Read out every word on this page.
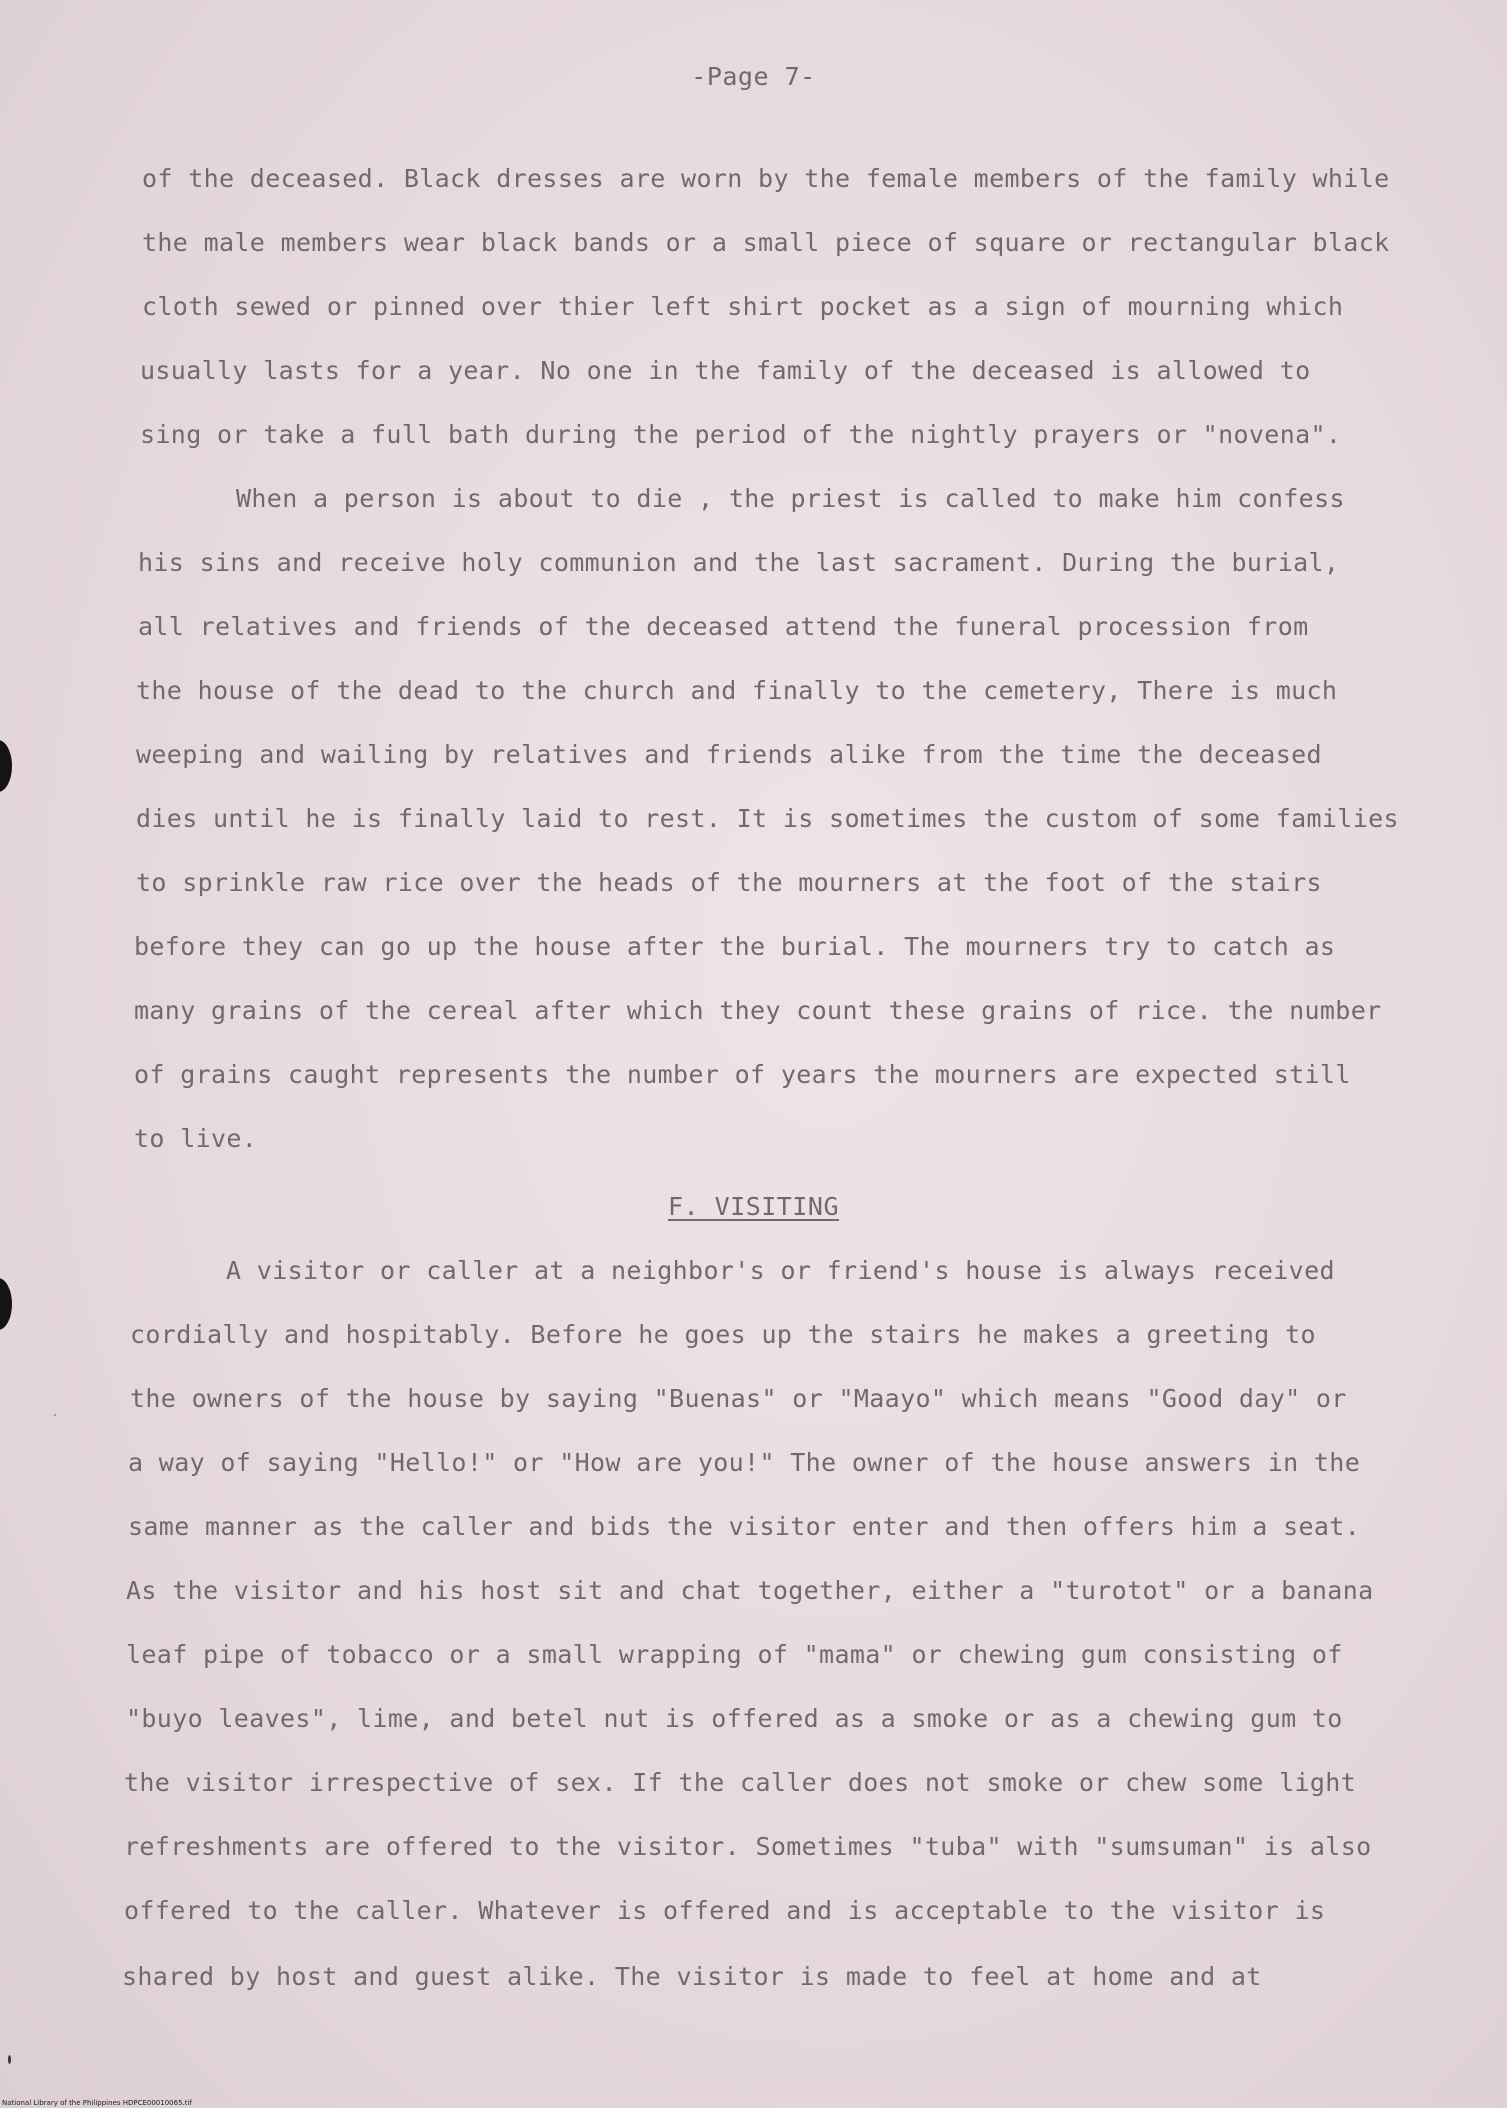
-Page 7-
of the deceased. Black dresses are worn by the female members of the family while
the male members wear black bands or a small piece of square or rectangular black
cloth sewed or pinned over thier left shirt pocket as a sign of mourning which
usually lasts for a year. No one in the family of the deceased is allowed to
sing or take a full bath during the period of the nightly prayers or "novena".
When a person is about to die , the priest is called to make him confess
his sins and receive holy communion and the last sacrament. During the burial,
all relatives and friends of the deceased attend the funeral procession from
the house of the dead to the church and finally to the cemetery, There is much
weeping and wailing by relatives and friends alike from the time the deceased
dies until he is finally laid to rest. It is sometimes the custom of some families
to sprinkle raw rice over the heads of the mourners at the foot of the stairs
before they can go up the house after the burial. The mourners try to catch as
many grains of the cereal after which they count these grains of rice. the number
of grains caught represents the number of years the mourners are expected still
to live.
F. VISITING
A visitor or caller at a neighbor's or friend's house is always received
cordially and hospitably. Before he goes up the stairs he makes a greeting to
the owners of the house by saying "Buenas" or "Maayo" which means "Good day" or
a way of saying "Hello!" or "How are you!" The owner of the house answers in the
same manner as the caller and bids the visitor enter and then offers him a seat.
As the visitor and his host sit and chat together, either a "turotot" or a banana
leaf pipe of tobacco or a small wrapping of "mama" or chewing gum consisting of
"buyo leaves", lime, and betel nut is offered as a smoke or as a chewing gum to
the visitor irrespective of sex. If the caller does not smoke or chew some light
refreshments are offered to the visitor. Sometimes "tuba" with "sumsuman" is also
offered to the caller. Whatever is offered and is acceptable to the visitor is
shared by host and guest alike. The visitor is made to feel at home and at
National Library of the Philippines HDPCE00010065.tif
